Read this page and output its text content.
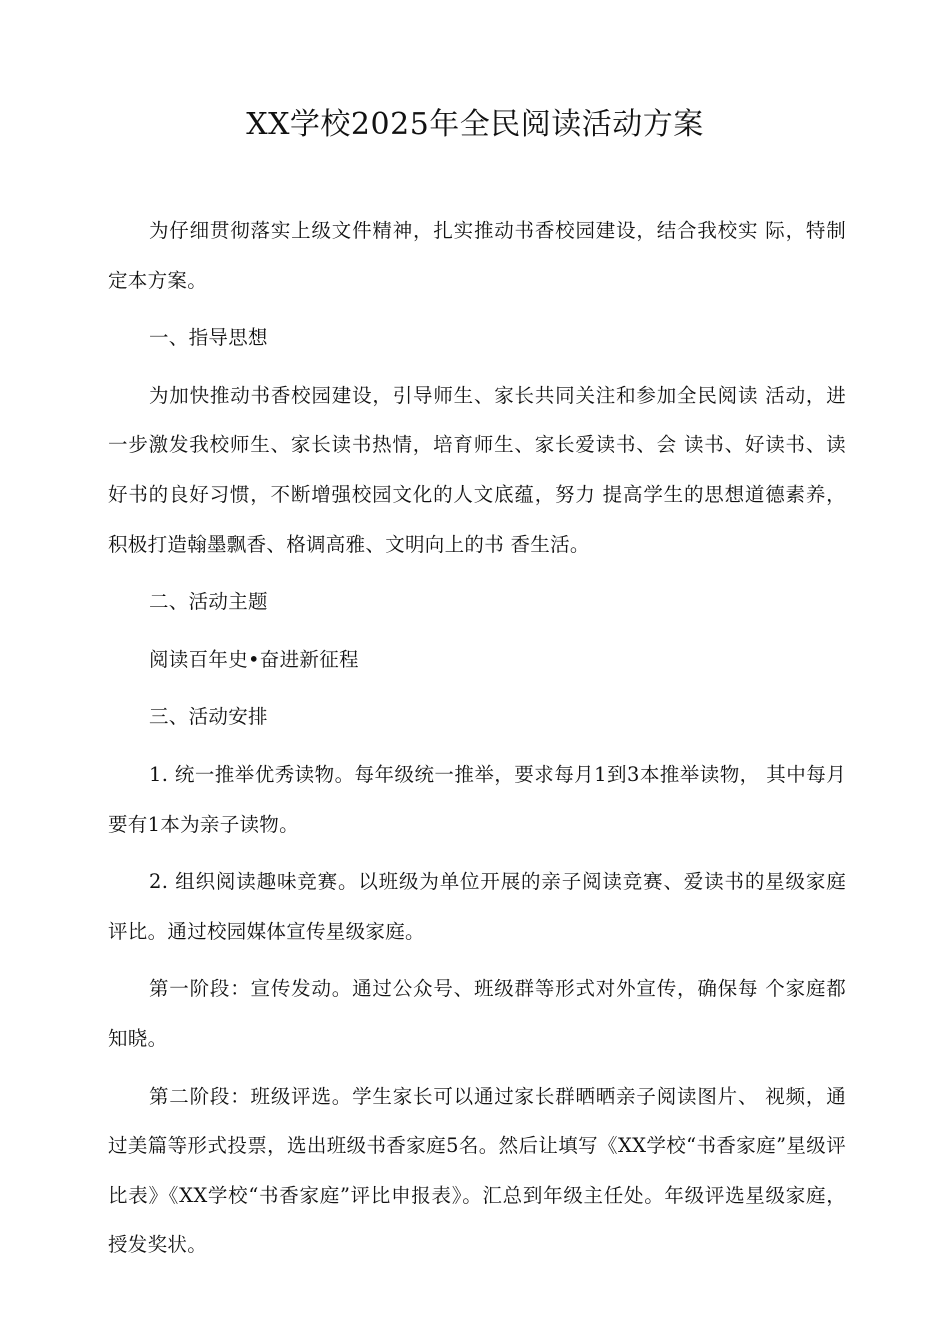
XX学校2025年全民阅读活动方案

为仔细贯彻落实上级文件精神，扎实推动书香校园建设，结合我校实 际，特制定本方案。

一、指导思想

为加快推动书香校园建设，引导师生、家长共同关注和参加全民阅读 活动，进一步激发我校师生、家长读书热情，培育师生、家长爱读书、会 读书、好读书、读好书的良好习惯，不断增强校园文化的人文底蕴，努力 提高学生的思想道德素养，积极打造翰墨飘香、格调高雅、文明向上的书 香生活。

二、活动主题

阅读百年史•奋进新征程

三、活动安排

1. 统一推举优秀读物。每年级统一推举，要求每月1到3本推举读物， 其中每月要有1本为亲子读物。

2. 组织阅读趣味竞赛。以班级为单位开展的亲子阅读竞赛、爱读书的星级家庭评比。通过校园媒体宣传星级家庭。

第一阶段：宣传发动。通过公众号、班级群等形式对外宣传，确保每 个家庭都知晓。

第二阶段：班级评选。学生家长可以通过家长群晒晒亲子阅读图片、 视频，通过美篇等形式投票，选出班级书香家庭5名。然后让填写《XX学校“书香家庭”星级评比表》《XX学校“书香家庭”评比申报表》。汇总到年级主任处。年级评选星级家庭，授发奖状。
